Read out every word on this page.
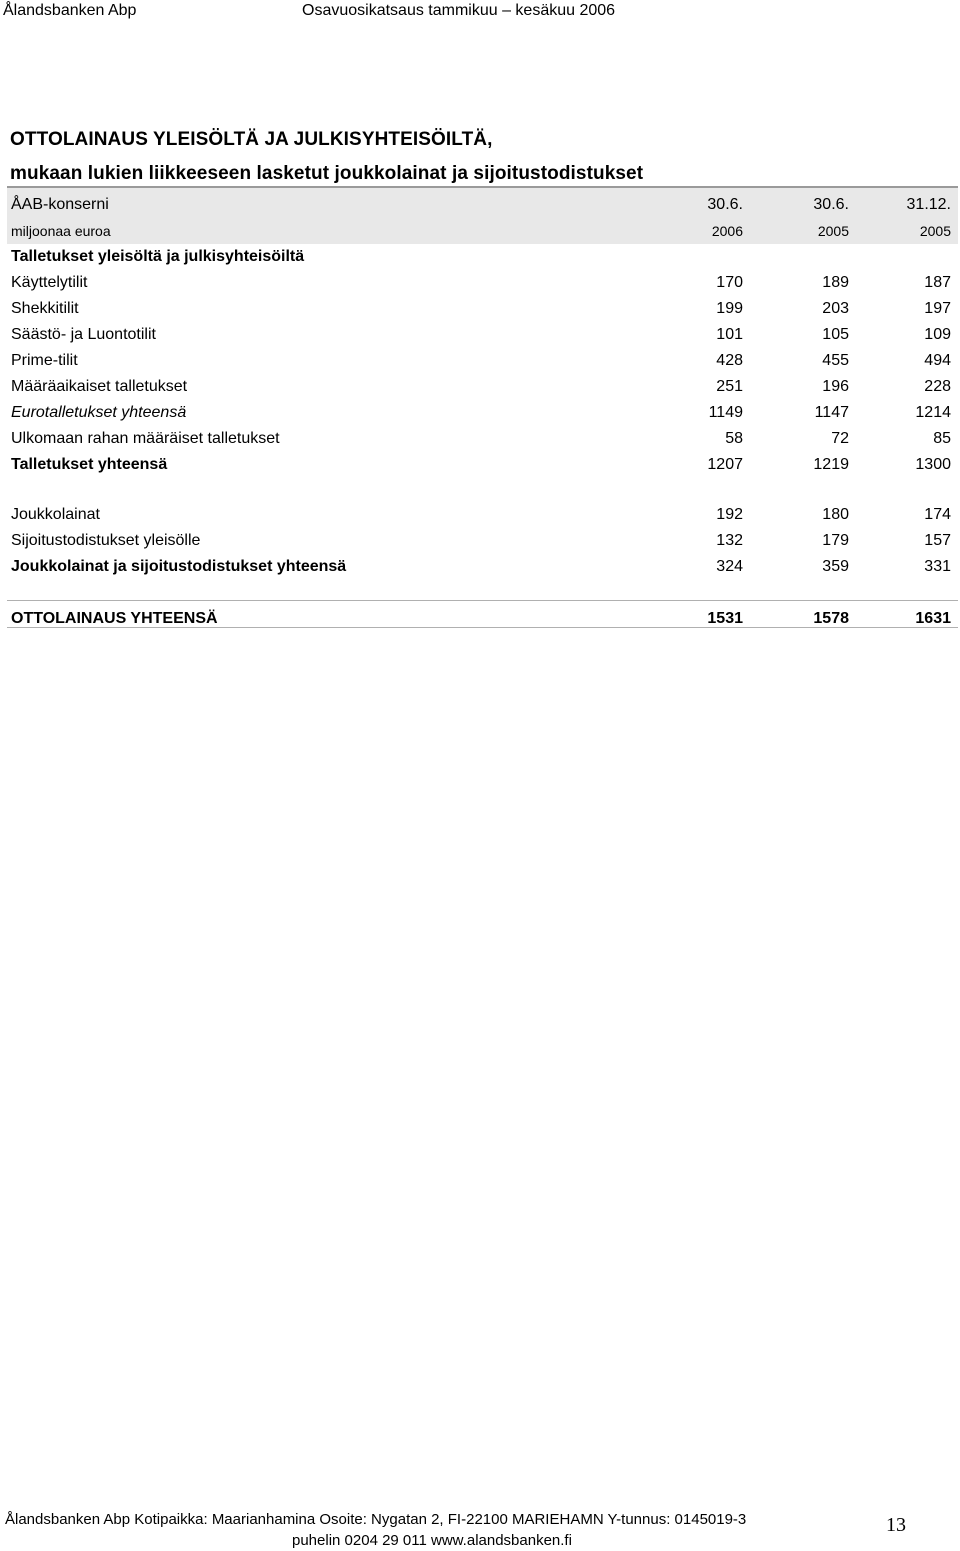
Ålandsbanken Abp	Osavuosikatsaus tammikuu – kesäkuu 2006
OTTOLAINAUS YLEISÖLTÄ JA JULKISYHTEISÖILTÄ,
mukaan lukien liikkeeseen lasketut joukkolainat ja sijoitustodistukset
ÅAB-konserni	30.6.	30.6.	31.12.
miljoonaa euroa	2006	2005	2005
Talletukset yleisöltä ja julkisyhteisöiltä
Käyttelytilit	170	189	187
Shekkitilit	199	203	197
Säästö- ja Luontotilit	101	105	109
Prime-tilit	428	455	494
Määräaikaiset talletukset	251	196	228
Eurotalletukset yhteensä	1149	1147	1214
Ulkomaan rahan määräiset talletukset	58	72	85
Talletukset yhteensä	1207	1219	1300
Joukkolainat	192	180	174
Sijoitustodistukset yleisölle	132	179	157
Joukkolainat ja sijoitustodistukset yhteensä	324	359	331
OTTOLAINAUS YHTEENSÄ	1531	1578	1631
Ålandsbanken Abp Kotipaikka: Maarianhamina Osoite: Nygatan 2, FI-22100 MARIEHAMN Y-tunnus: 0145019-3
puhelin 0204 29 011 www.alandsbanken.fi
13
